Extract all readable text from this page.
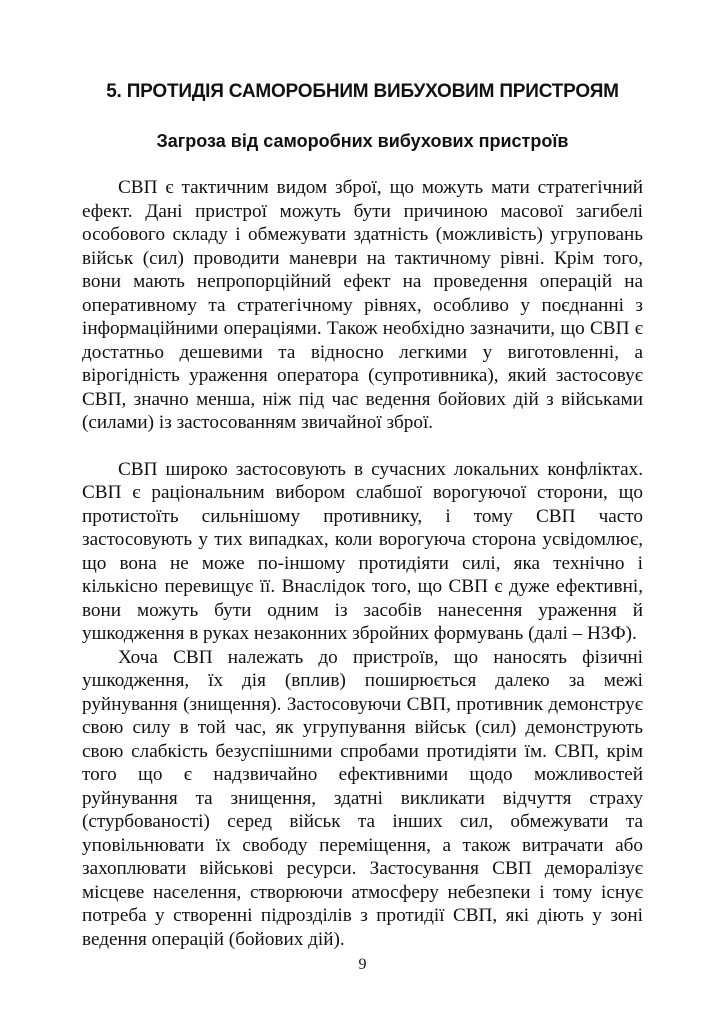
5. ПРОТИДІЯ САМОРОБНИМ ВИБУХОВИМ ПРИСТРОЯМ
Загроза від саморобних вибухових пристроїв

СВП є тактичним видом зброї, що можуть мати стратегічний ефект. Дані пристрої можуть бути причиною масової загибелі особового складу і обмежувати здатність (можливість) угруповань військ (сил) проводити маневри на тактичному рівні. Крім того, вони мають непропорційний ефект на проведення операцій на оперативному та стратегічному рівнях, особливо у поєднанні з інформаційними операціями. Також необхідно зазначити, що СВП є достатньо дешевими та відносно легкими у виготовленні, а вірогідність ураження оператора (супротивника), який застосовує СВП, значно менша, ніж під час ведення бойових дій з військами (силами) із застосованням звичайної зброї.

СВП широко застосовують в сучасних локальних конфліктах. СВП є раціональним вибором слабшої ворогуючої сторони, що протистоїть сильнішому противнику, і тому СВП часто застосовують у тих випадках, коли ворогуюча сторона усвідомлює, що вона не може по-іншому протидіяти силі, яка технічно і кількісно перевищує її. Внаслідок того, що СВП є дуже ефективні, вони можуть бути одним із засобів нанесення ураження й ушкодження в руках незаконних збройних формувань (далі – НЗФ).

Хоча СВП належать до пристроїв, що наносять фізичні ушкодження, їх дія (вплив) поширюється далеко за межі руйнування (знищення). Застосовуючи СВП, противник демонструє свою силу в той час, як угрупування військ (сил) демонструють свою слабкість безуспішними спробами протидіяти їм. СВП, крім того що є надзвичайно ефективними щодо можливостей руйнування та знищення, здатні викликати відчуття страху (стурбованості) серед військ та інших сил, обмежувати та уповільнювати їх свободу переміщення, а також витрачати або захоплювати військові ресурси. Застосування СВП деморалізує місцеве населення, створюючи атмосферу небезпеки і тому існує потреба у створенні підрозділів з протидії СВП, які діють у зоні ведення операцій (бойових дій).

9
